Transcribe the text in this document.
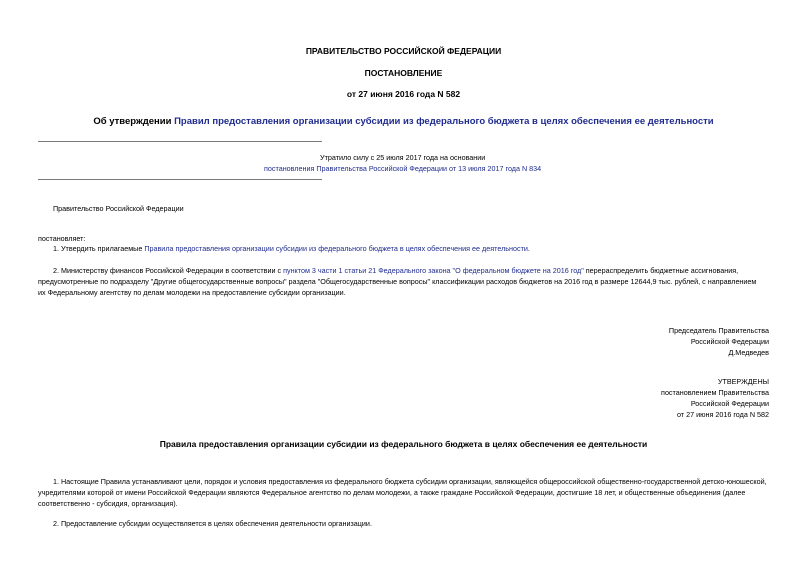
ПРАВИТЕЛЬСТВО РОССИЙСКОЙ ФЕДЕРАЦИИ
ПОСТАНОВЛЕНИЕ
от 27 июня 2016 года N 582
Об утверждении Правил предоставления организации субсидии из федерального бюджета в целях обеспечения ее деятельности
Утратило силу с 25 июля 2017 года на основании
постановления Правительства Российской Федерации от 13 июля 2017 года N 834
Правительство Российской Федерации
постановляет:
1. Утвердить прилагаемые Правила предоставления организации субсидии из федерального бюджета в целях обеспечения ее деятельности.
2. Министерству финансов Российской Федерации в соответствии с пунктом 3 части 1 статьи 21 Федерального закона "О федеральном бюджете на 2016 год" перераспределить бюджетные ассигнования,
предусмотренные по подразделу "Другие общегосударственные вопросы" раздела "Общегосударственные вопросы" классификации расходов бюджетов на 2016 год в размере 12644,9 тыс. рублей, с направлением
их Федеральному агентству по делам молодежи на предоставление субсидии организации.
Председатель Правительства
Российской Федерации
Д.Медведев
УТВЕРЖДЕНЫ
постановлением Правительства
Российской Федерации
от 27 июня 2016 года N 582
Правила предоставления организации субсидии из федерального бюджета в целях обеспечения ее деятельности
1. Настоящие Правила устанавливают цели, порядок и условия предоставления из федерального бюджета субсидии организации, являющейся общероссийской общественно-государственной детско-юношеской,
учредителями которой от имени Российской Федерации являются Федеральное агентство по делам молодежи, а также граждане Российской Федерации, достигшие 18 лет, и общественные объединения (далее
соответственно - субсидия, организация).
2. Предоставление субсидии осуществляется в целях обеспечения деятельности организации.
